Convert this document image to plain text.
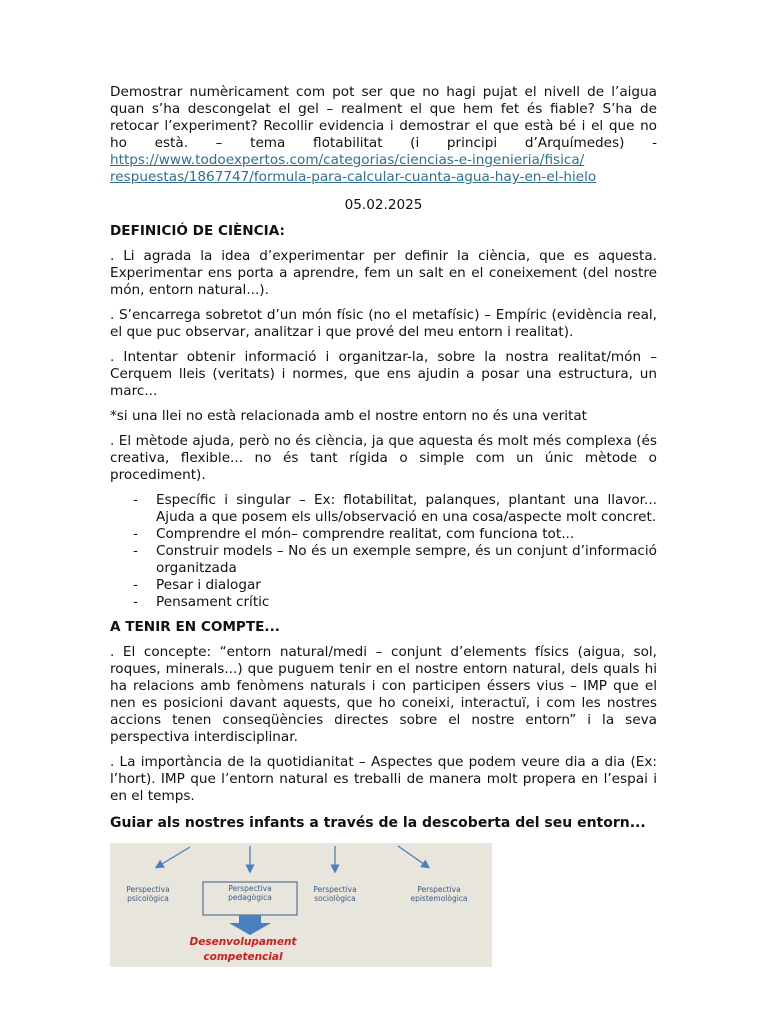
Demostrar numèricament com pot ser que no hagi pujat el nivell de l’aigua quan s’ha descongelat el gel – realment el que hem fet és fiable? S’ha de retocar l’experiment? Recollir evidencia i demostrar el que està bé i el que no ho està. – tema flotabilitat (i principi d’Arquímedes) - https://www.todoexpertos.com/categorias/ciencias-e-ingenieria/fisica/
respuestas/1867747/formula-para-calcular-cuanta-agua-hay-en-el-hielo

05.02.2025

DEFINICIÓ DE CIÈNCIA:

. Li agrada la idea d’experimentar per definir la ciència, que es aquesta. Experimentar ens porta a aprendre, fem un salt en el coneixement (del nostre món, entorn natural...).

. S’encarrega sobretot d’un món físic (no el metafísic) – Empíric (evidència real, el que puc observar, analitzar i que prové del meu entorn i realitat).

. Intentar obtenir informació i organitzar-la, sobre la nostra realitat/món – Cerquem lleis (veritats) i normes, que ens ajudin a posar una estructura, un marc...

*si una llei no està relacionada amb el nostre entorn no és una veritat

. El mètode ajuda, però no és ciència, ja que aquesta és molt més complexa (és creativa, flexible... no és tant rígida o simple com un únic mètode o procediment).

- Específic i singular – Ex: flotabilitat, palanques, plantant una llavor... Ajuda a que posem els ulls/observació en una cosa/aspecte molt concret.
- Comprendre el món– comprendre realitat, com funciona tot...
- Construir models – No és un exemple sempre, és un conjunt d’informació organitzada
- Pesar i dialogar
- Pensament crític

A TENIR EN COMPTE...

. El concepte: “entorn natural/medi – conjunt d’elements físics (aigua, sol, roques, minerals...) que puguem tenir en el nostre entorn natural, dels quals hi ha relacions amb fenòmens naturals i con participen éssers vius – IMP que el nen es posicioni davant aquests, que ho coneixi, interactuï, i com les nostres accions tenen conseqüències directes sobre el nostre entorn” i la seva perspectiva interdisciplinar.

. La importància de la quotidianitat – Aspectes que podem veure dia a dia (Ex: l’hort). IMP que l’entorn natural es treballi de manera molt propera en l’espai i en el temps.

Guiar als nostres infants a través de la descoberta del seu entorn...

Perspectiva
psicològica
Perspectiva
pedagògica
Perspectiva
sociològica
Perspectiva
epistemològica
Desenvolupament
competencial
